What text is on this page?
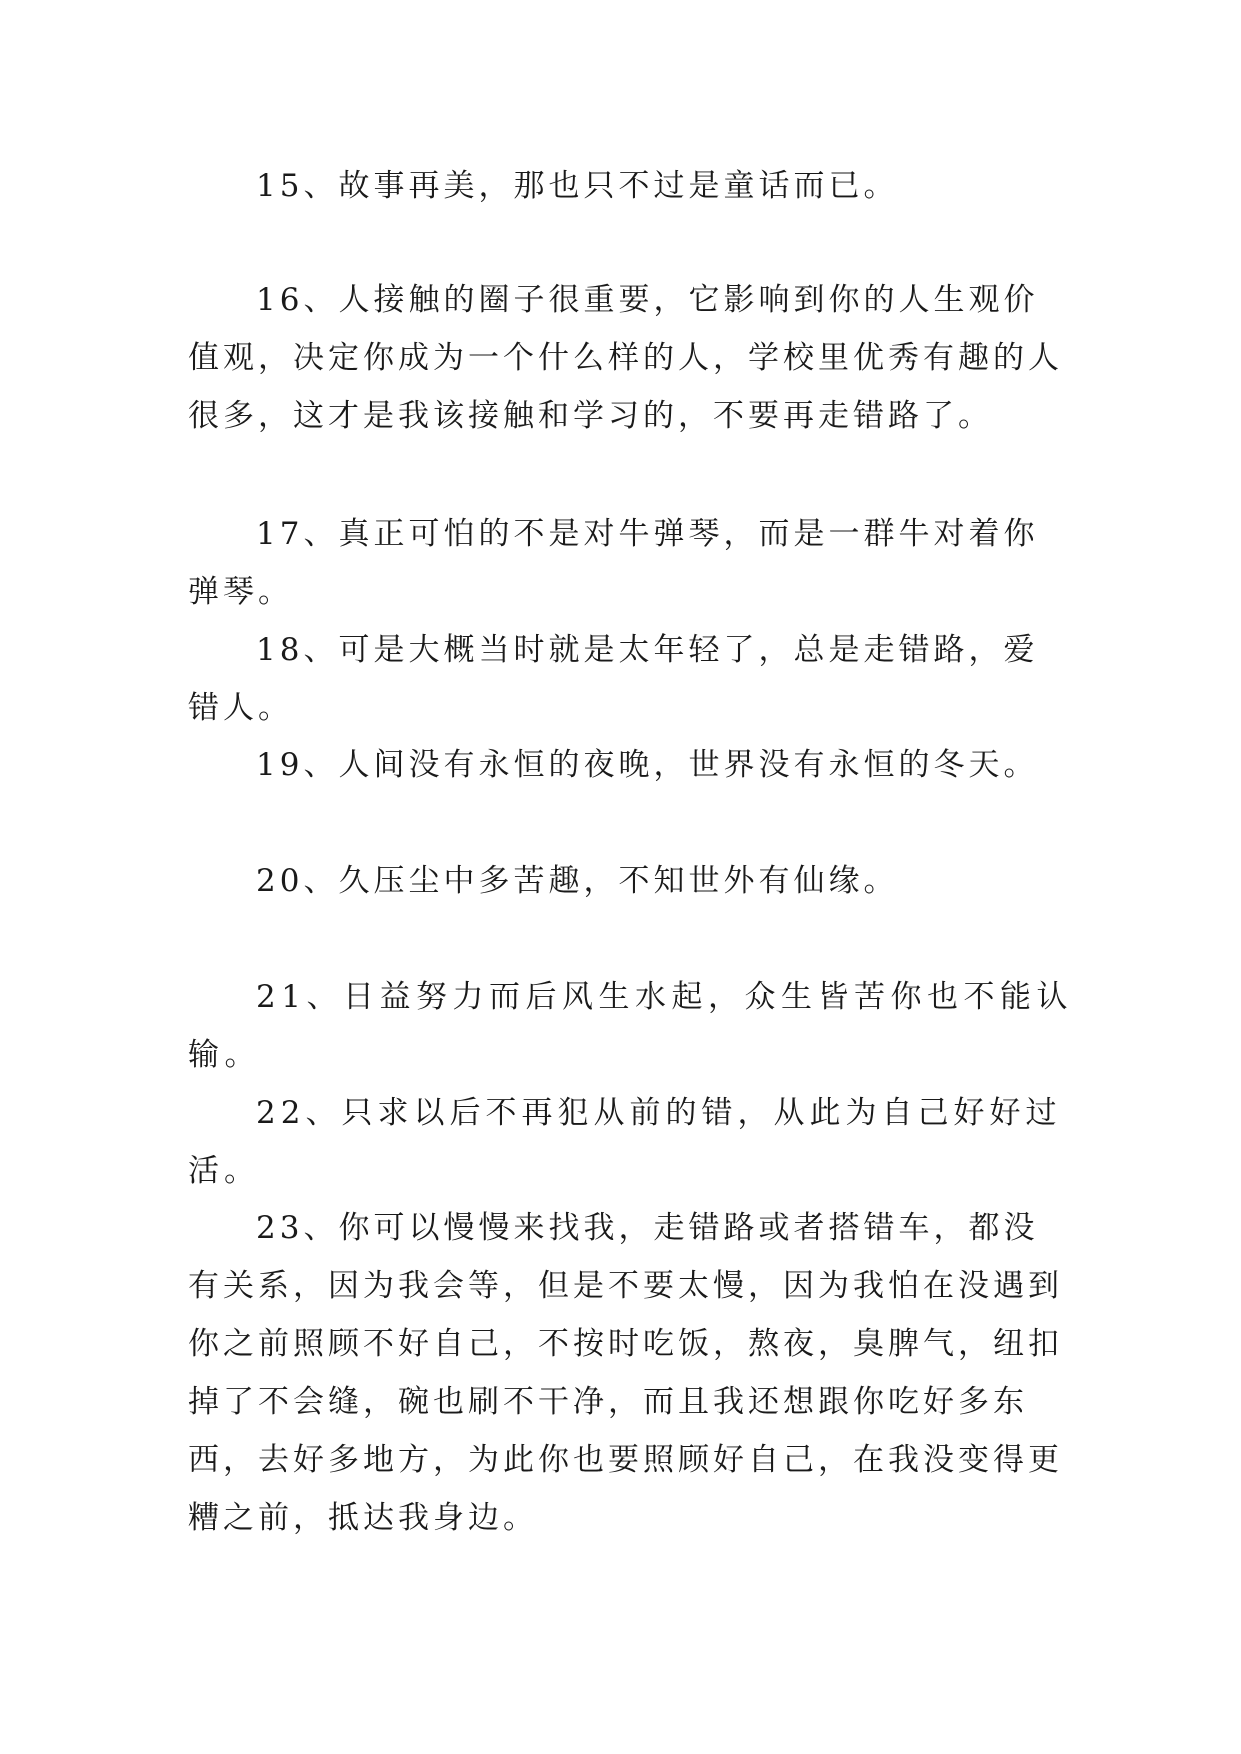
15、故事再美，那也只不过是童话而已。

16、人接触的圈子很重要，它影响到你的人生观价值观，决定你成为一个什么样的人，学校里优秀有趣的人很多，这才是我该接触和学习的，不要再走错路了。

17、真正可怕的不是对牛弹琴，而是一群牛对着你弹琴。

18、可是大概当时就是太年轻了，总是走错路，爱错人。

19、人间没有永恒的夜晚，世界没有永恒的冬天。

20、久压尘中多苦趣，不知世外有仙缘。

21、日益努力而后风生水起，众生皆苦你也不能认输。

22、只求以后不再犯从前的错，从此为自己好好过活。

23、你可以慢慢来找我，走错路或者搭错车，都没有关系，因为我会等，但是不要太慢，因为我怕在没遇到你之前照顾不好自己，不按时吃饭，熬夜，臭脾气，纽扣掉了不会缝，碗也刷不干净，而且我还想跟你吃好多东西，去好多地方，为此你也要照顾好自己，在我没变得更糟之前，抵达我身边。
